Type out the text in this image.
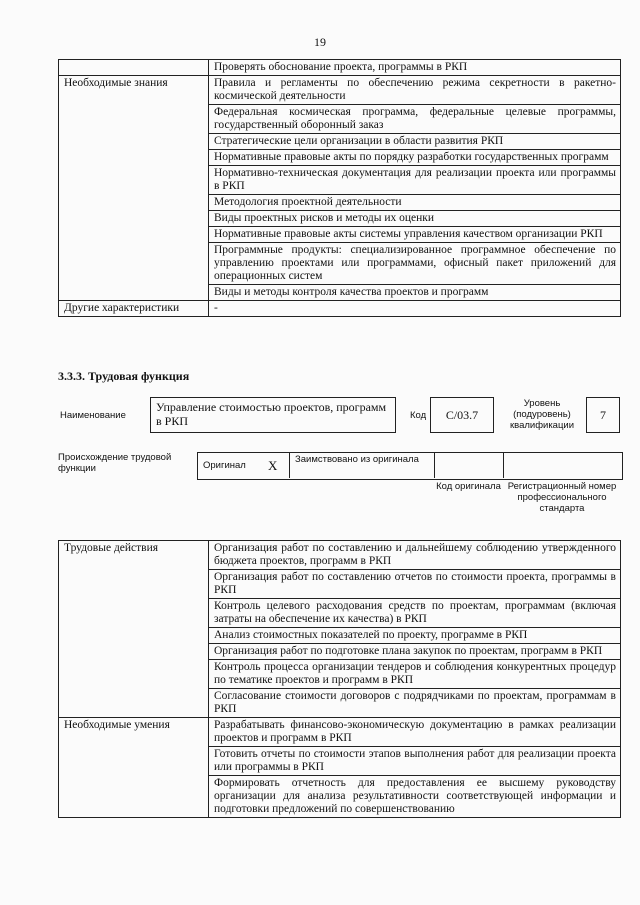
19
	Проверять обоснование проекта, программы в РКП
Необходимые знания	Правила и регламенты по обеспечению режима секретности в ракетно-космической деятельности
	Федеральная космическая программа, федеральные целевые программы, государственный оборонный заказ
	Стратегические цели организации в области развития РКП
	Нормативные правовые акты по порядку разработки государственных программ
	Нормативно-техническая документация для реализации проекта или программы в РКП
	Методология проектной деятельности
	Виды проектных рисков и методы их оценки
	Нормативные правовые акты системы управления качеством организации РКП
	Программные продукты: специализированное программное обеспечение по управлению проектами или программами, офисный пакет приложений для операционных систем
	Виды и методы контроля качества проектов и программ
Другие характеристики	-
3.3.3. Трудовая функция
Наименование
Управление стоимостью проектов, программ в РКП	Код	С/03.7
Уровень (подуровень) квалификации
7
Происхождение трудовой функции	Оригинал X Заимствовано из оригинала
Код оригинала Регистрационный номер профессионального стандарта
Трудовые действия	Организация работ по составлению и дальнейшему соблюдению утвержденного бюджета проектов, программ в РКП
	Организация работ по составлению отчетов по стоимости проекта, программы в РКП
	Контроль целевого расходования средств по проектам, программам (включая затраты на обеспечение их качества) в РКП
	Анализ стоимостных показателей по проекту, программе в РКП
	Организация работ по подготовке плана закупок по проектам, программ в РКП
	Контроль процесса организации тендеров и соблюдения конкурентных процедур по тематике проектов и программ в РКП
	Согласование стоимости договоров с подрядчиками по проектам, программам в РКП
Необходимые умения	Разрабатывать финансово-экономическую документацию в рамках реализации проектов и программ в РКП
	Готовить отчеты по стоимости этапов выполнения работ для реализации проекта или программы в РКП
	Формировать отчетность для предоставления ее высшему руководству организации для анализа результативности соответствующей информации и подготовки предложений по совершенствованию
